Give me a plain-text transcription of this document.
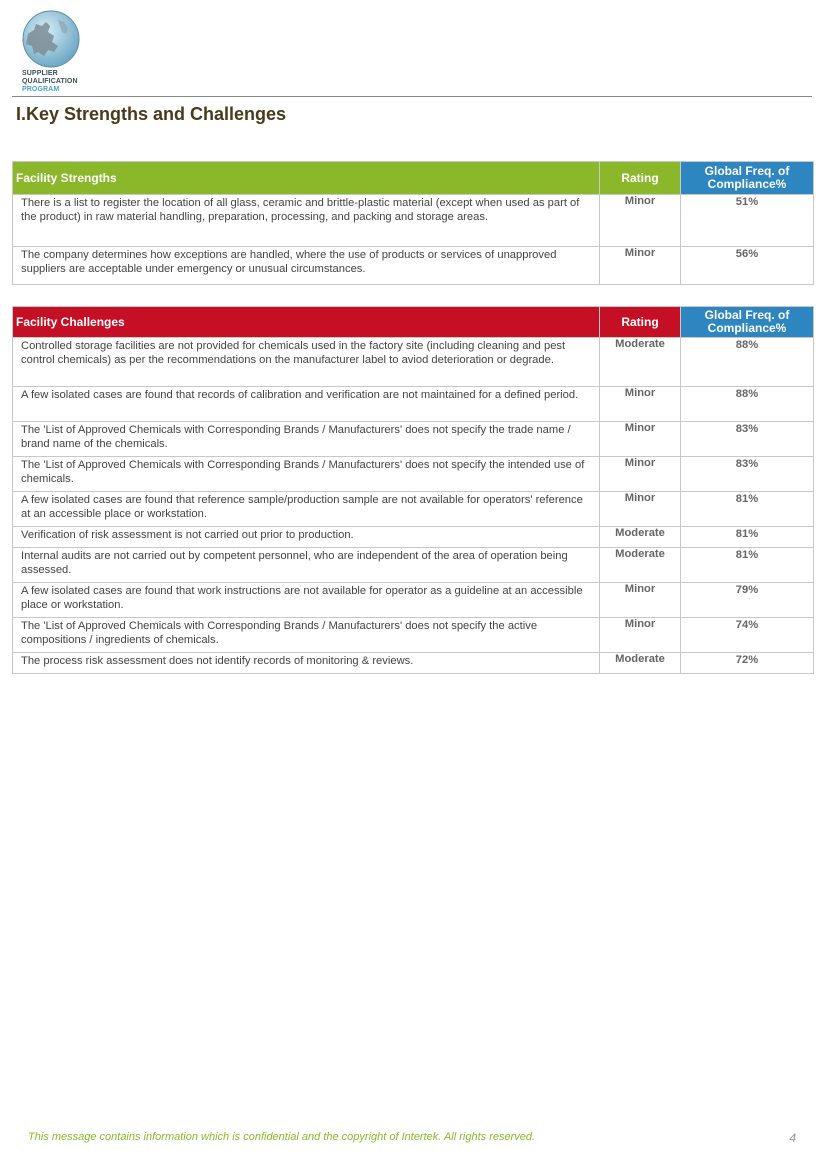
SUPPLIER
QUALIFICATION
PROGRAM
I.Key Strengths and Challenges
Facility Strengths	Rating	Global Freq. of Compliance%
There is a list to register the location of all glass, ceramic and brittle-plastic material (except when used as part of the product) in raw material handling, preparation, processing, and packing and storage areas.	Minor	51%
The company determines how exceptions are handled, where the use of products or services of unapproved suppliers are acceptable under emergency or unusual circumstances.	Minor	56%
Facility Challenges	Rating	Global Freq. of Compliance%
Controlled storage facilities are not provided for chemicals used in the factory site (including cleaning and pest control chemicals) as per the recommendations on the manufacturer label to aviod deterioration or degrade.	Moderate	88%
A few isolated cases are found that records of calibration and verification are not maintained for a defined period.	Minor	88%
The 'List of Approved Chemicals with Corresponding Brands / Manufacturers' does not specify the trade name / brand name of the chemicals.	Minor	83%
The 'List of Approved Chemicals with Corresponding Brands / Manufacturers' does not specify the intended use of chemicals.	Minor	83%
A few isolated cases are found that reference sample/production sample are not available for operators' reference at an accessible place or workstation.	Minor	81%
Verification of risk assessment is not carried out prior to production.	Moderate	81%
Internal audits are not carried out by competent personnel, who are independent of the area of operation being assessed.	Moderate	81%
A few isolated cases are found that work instructions are not available for operator as a guideline at an accessible place or workstation.	Minor	79%
The 'List of Approved Chemicals with Corresponding Brands / Manufacturers' does not specify the active compositions / ingredients of chemicals.	Minor	74%
The process risk assessment does not identify records of monitoring & reviews.	Moderate	72%
This message contains information which is confidential and the copyright of Intertek. All rights reserved.	4
